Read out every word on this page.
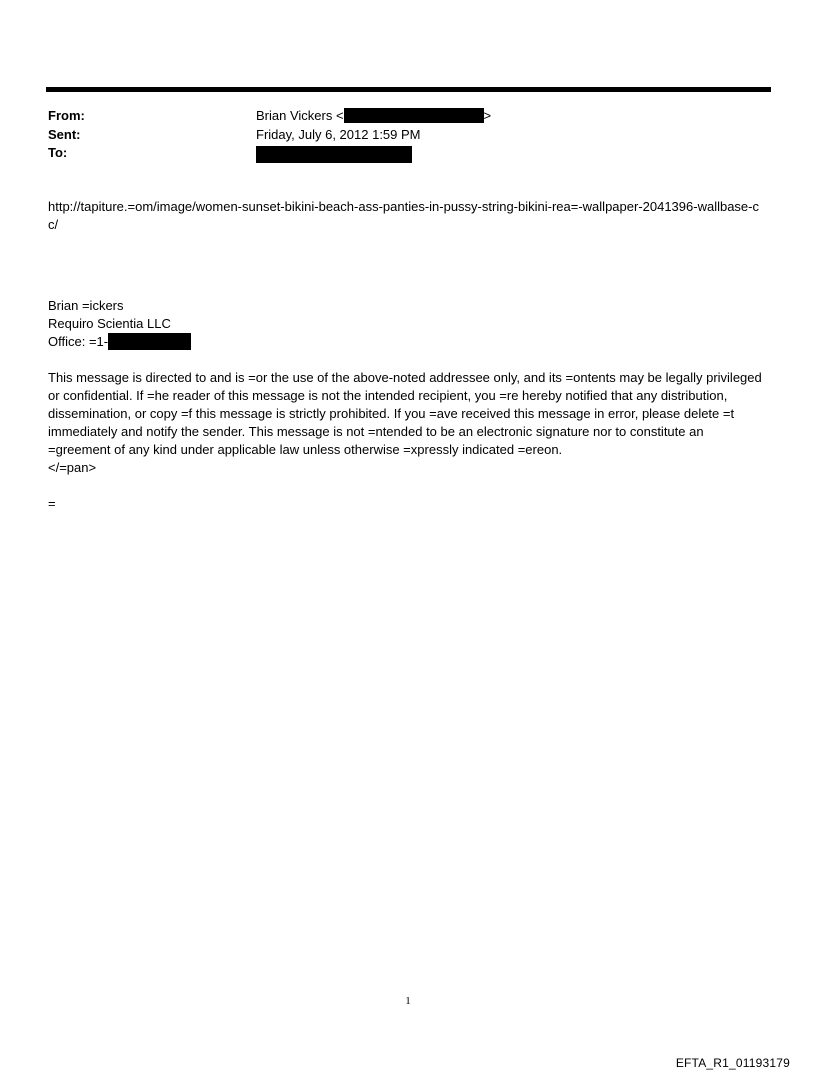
From:	Brian Vickers <	>
Sent:	Friday, July 6, 2012 1:59 PM
To:

http://tapiture.=om/image/women-sunset-bikini-beach-ass-panties-in-pussy-string-bikini-rea=-wallpaper-2041396-wallbase-cc/

Brian =ickers
Requiro Scientia LLC
Office: =1-

This message is directed to and is =or the use of the above-noted addressee only, and its =ontents may be legally privileged or confidential. If =he reader of this message is not the intended recipient, you =re hereby notified that any distribution, dissemination, or copy =f this message is strictly prohibited. If you =ave received this message in error, please delete =t immediately and notify the sender. This message is not =ntended to be an electronic signature nor to constitute an =greement of any kind under applicable law unless otherwise =xpressly indicated =ereon.

</=pan>

=
1
EFTA_R1_01193179
